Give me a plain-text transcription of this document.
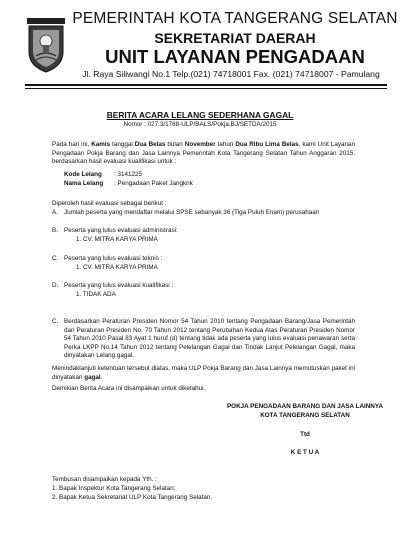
PEMERINTAH KOTA TANGERANG SELATAN
SEKRETARIAT DAERAH
UNIT LAYANAN PENGADAAN
Jl. Raya Siliwangi No.1 Telp.(021) 74718001 Fax. (021) 74718007 - Pamulang
BERITA ACARA LELANG SEDERHANA GAGAL
Nomor : 027.3/1788-ULP/BALS/Pokja.BJ/SETDA/2015
Pada hari ini, Kamis tanggal Dua Belas bulan November tahun Dua Ribu Lima Belas, kami Unit Layanan Pengadaan Pokja Barang dan Jasa Lainnya Pemerintah Kota Tangerang Selatan Tahun Anggaran 2015, berdasarkan hasil evaluasi kualifikasi untuk :
Kode Lelang : 3141225
Nama Lelang : Pengadaan Paket Jangkrik
Diperoleh hasil evaluasi sebagai berikut :
A. Jumlah peserta yang mendaftar melalui SPSE sebanyak 36 (Tiga Puluh Enam) perusahaan
B. Peserta yang lulus evaluasi administrasi:
1. CV. MITRA KARYA PRIMA
C. Peserta yang lulus evaluasi teknis :
1. CV. MITRA KARYA PRIMA
D. Peserta yang lulus evaluasi kualifikasi :
1. TIDAK ADA
C. Berdasarkan Peraturan Presiden Nomor 54 Tahun 2010 tentang Pengadaan Barang/Jasa Pemerintah dan Peraturan Presiden No. 70 Tahun 2012 tentang Perubahan Kedua Atas Peraturan Presiden Nomor 54 Tahun 2010 Pasal 83 Ayat 1 huruf (d) tentang tidak ada peserta yang lulus evaluasi penawaran serta Perka LKPP No.14 Tahun 2012 tentang Pelelangan Gagal dan Tindak Lanjut Pelelangan Gagal, maka dinyatakan Lelang gagal.
Menindaklanjuti ketentuan tersebut diatas, maka ULP Pokja Barang dan Jasa Lainnya memutuskan paket ini dinyatakan gagal.
Demikian Berita Acara ini disampaikan untuk diketahui.
POKJA PENGADAAN BARANG DAN JASA LAINNYA
KOTA TANGERANG SELATAN
Ttd
K E T U A
Tembusan disampaikan kepada Yth. :
1. Bapak Inspektur Kota Tangerang Selatan;
2. Bapak Ketua Sekretariat ULP Kota Tangerang Selatan.
